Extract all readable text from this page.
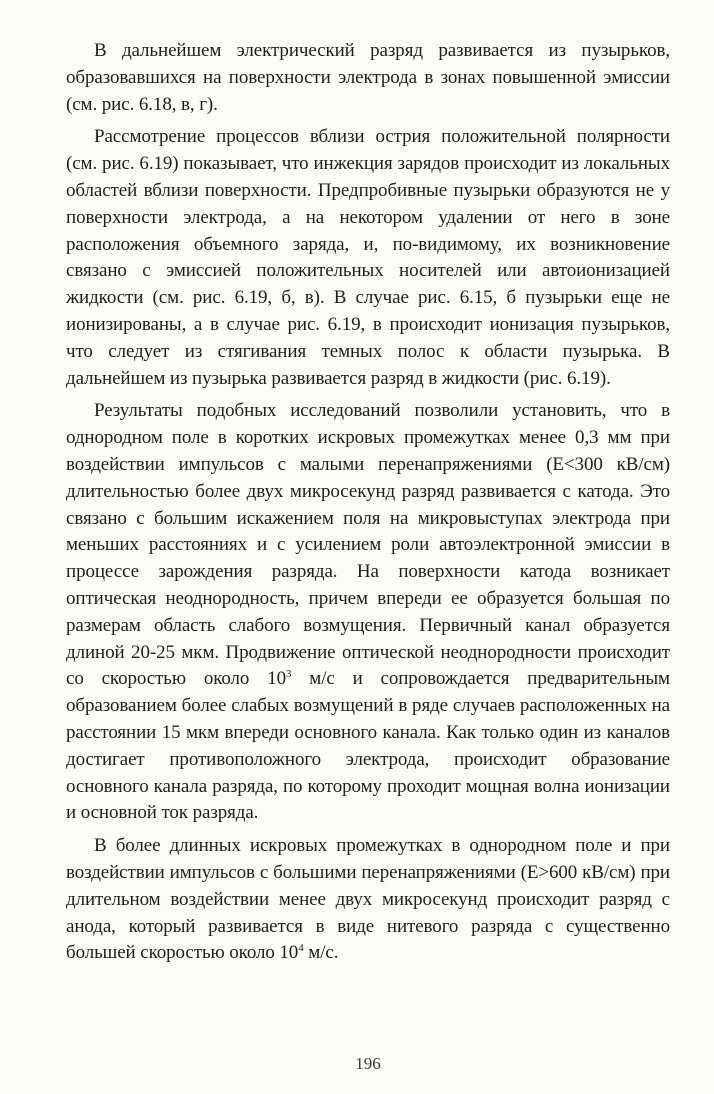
В дальнейшем электрический разряд развивается из пузырьков, образовавшихся на поверхности электрода в зонах повышенной эмиссии (см. рис. 6.18, в, г).

Рассмотрение процессов вблизи острия положительной полярности (см. рис. 6.19) показывает, что инжекция зарядов происходит из локальных областей вблизи поверхности. Предпробивные пузырьки образуются не у поверхности электрода, а на некотором удалении от него в зоне расположения объемного заряда, и, по-видимому, их возникновение связано с эмиссией положительных носителей или автоионизацией жидкости (см. рис. 6.19, б, в). В случае рис. 6.15, б пузырьки еще не ионизированы, а в случае рис. 6.19, в происходит ионизация пузырьков, что следует из стягивания темных полос к области пузырька. В дальнейшем из пузырька развивается разряд в жидкости (рис. 6.19).

Результаты подобных исследований позволили установить, что в однородном поле в коротких искровых промежутках менее 0,3 мм при воздействии импульсов с малыми перенапряжениями (Е<300 кВ/см) длительностью более двух микросекунд разряд развивается с катода. Это связано с большим искажением поля на микровыступах электрода при меньших расстояниях и с усилением роли автоэлектронной эмиссии в процессе зарождения разряда. На поверхности катода возникает оптическая неоднородность, причем впереди ее образуется большая по размерам область слабого возмущения. Первичный канал образуется длиной 20-25 мкм. Продвижение оптической неоднородности происходит со скоростью около $10^3$ м/с и сопровождается предварительным образованием более слабых возмущений в ряде случаев расположенных на расстоянии 15 мкм впереди основного канала. Как только один из каналов достигает противоположного электрода, происходит образование основного канала разряда, по которому проходит мощная волна ионизации и основной ток разряда.

В более длинных искровых промежутках в однородном поле и при воздействии импульсов с большими перенапряжениями (Е>600 кВ/см) при длительном воздействии менее двух микросекунд происходит разряд с анода, который развивается в виде нитевого разряда с существенно большей скоростью около $10^4$ м/с.

196
